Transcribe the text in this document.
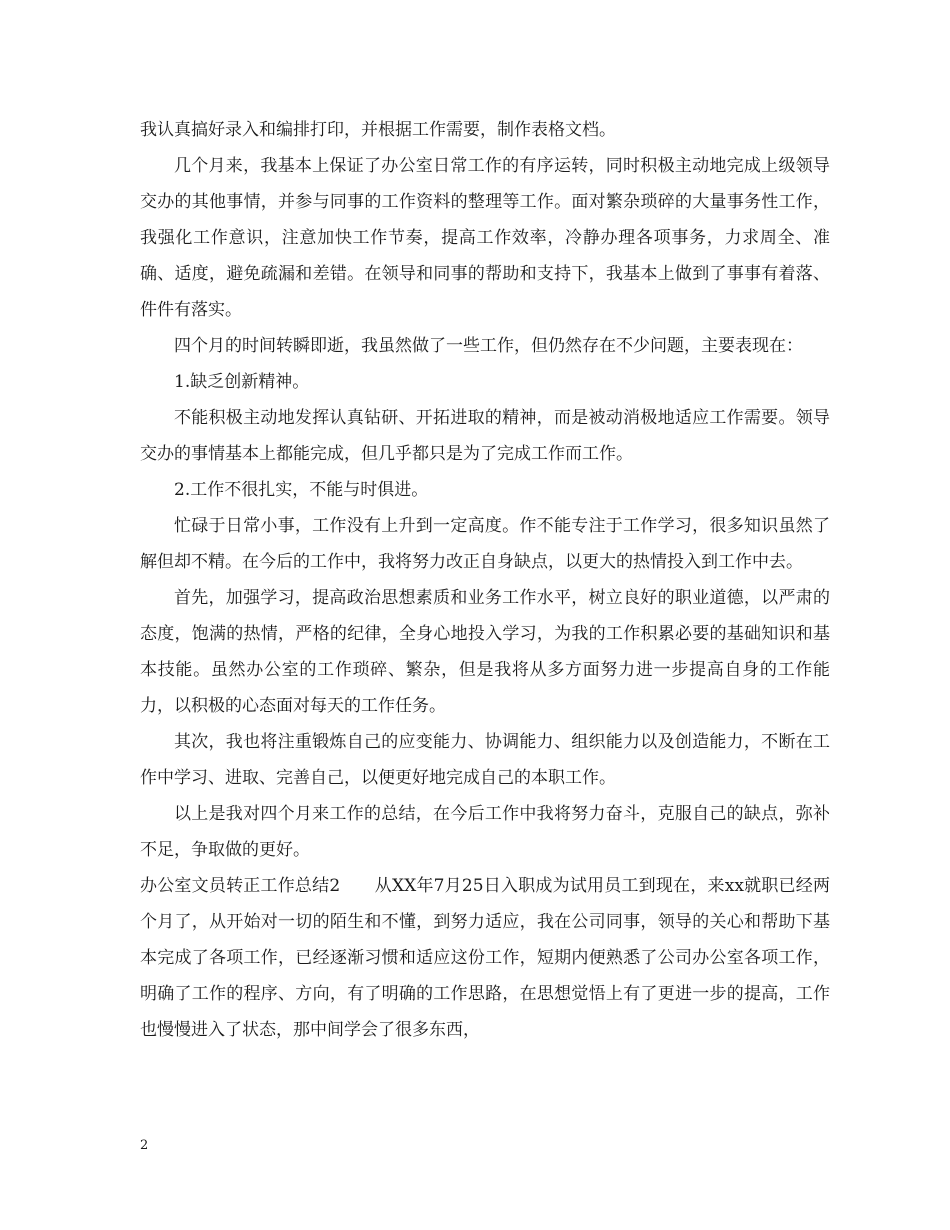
我认真搞好录入和编排打印，并根据工作需要，制作表格文档。

几个月来，我基本上保证了办公室日常工作的有序运转，同时积极主动地完成上级领导交办的其他事情，并参与同事的工作资料的整理等工作。面对繁杂琐碎的大量事务性工作，我强化工作意识，注意加快工作节奏，提高工作效率，冷静办理各项事务，力求周全、准确、适度，避免疏漏和差错。在领导和同事的帮助和支持下，我基本上做到了事事有着落、件件有落实。

四个月的时间转瞬即逝，我虽然做了一些工作，但仍然存在不少问题，主要表现在：

1.缺乏创新精神。

不能积极主动地发挥认真钻研、开拓进取的精神，而是被动消极地适应工作需要。领导交办的事情基本上都能完成，但几乎都只是为了完成工作而工作。

2.工作不很扎实，不能与时俱进。

忙碌于日常小事，工作没有上升到一定高度。作不能专注于工作学习，很多知识虽然了解但却不精。在今后的工作中，我将努力改正自身缺点，以更大的热情投入到工作中去。

首先，加强学习，提高政治思想素质和业务工作水平，树立良好的职业道德，以严肃的态度，饱满的热情，严格的纪律，全身心地投入学习，为我的工作积累必要的基础知识和基本技能。虽然办公室的工作琐碎、繁杂，但是我将从多方面努力进一步提高自身的工作能力，以积极的心态面对每天的工作任务。

其次，我也将注重锻炼自己的应变能力、协调能力、组织能力以及创造能力，不断在工作中学习、进取、完善自己，以便更好地完成自己的本职工作。

以上是我对四个月来工作的总结，在今后工作中我将努力奋斗，克服自己的缺点，弥补不足，争取做的更好。

办公室文员转正工作总结2　　从XX年7月25日入职成为试用员工到现在，来xx就职已经两个月了，从开始对一切的陌生和不懂，到努力适应，我在公司同事，领导的关心和帮助下基本完成了各项工作，已经逐渐习惯和适应这份工作，短期内便熟悉了公司办公室各项工作，明确了工作的程序、方向，有了明确的工作思路，在思想觉悟上有了更进一步的提高，工作也慢慢进入了状态，那中间学会了很多东西，

2
